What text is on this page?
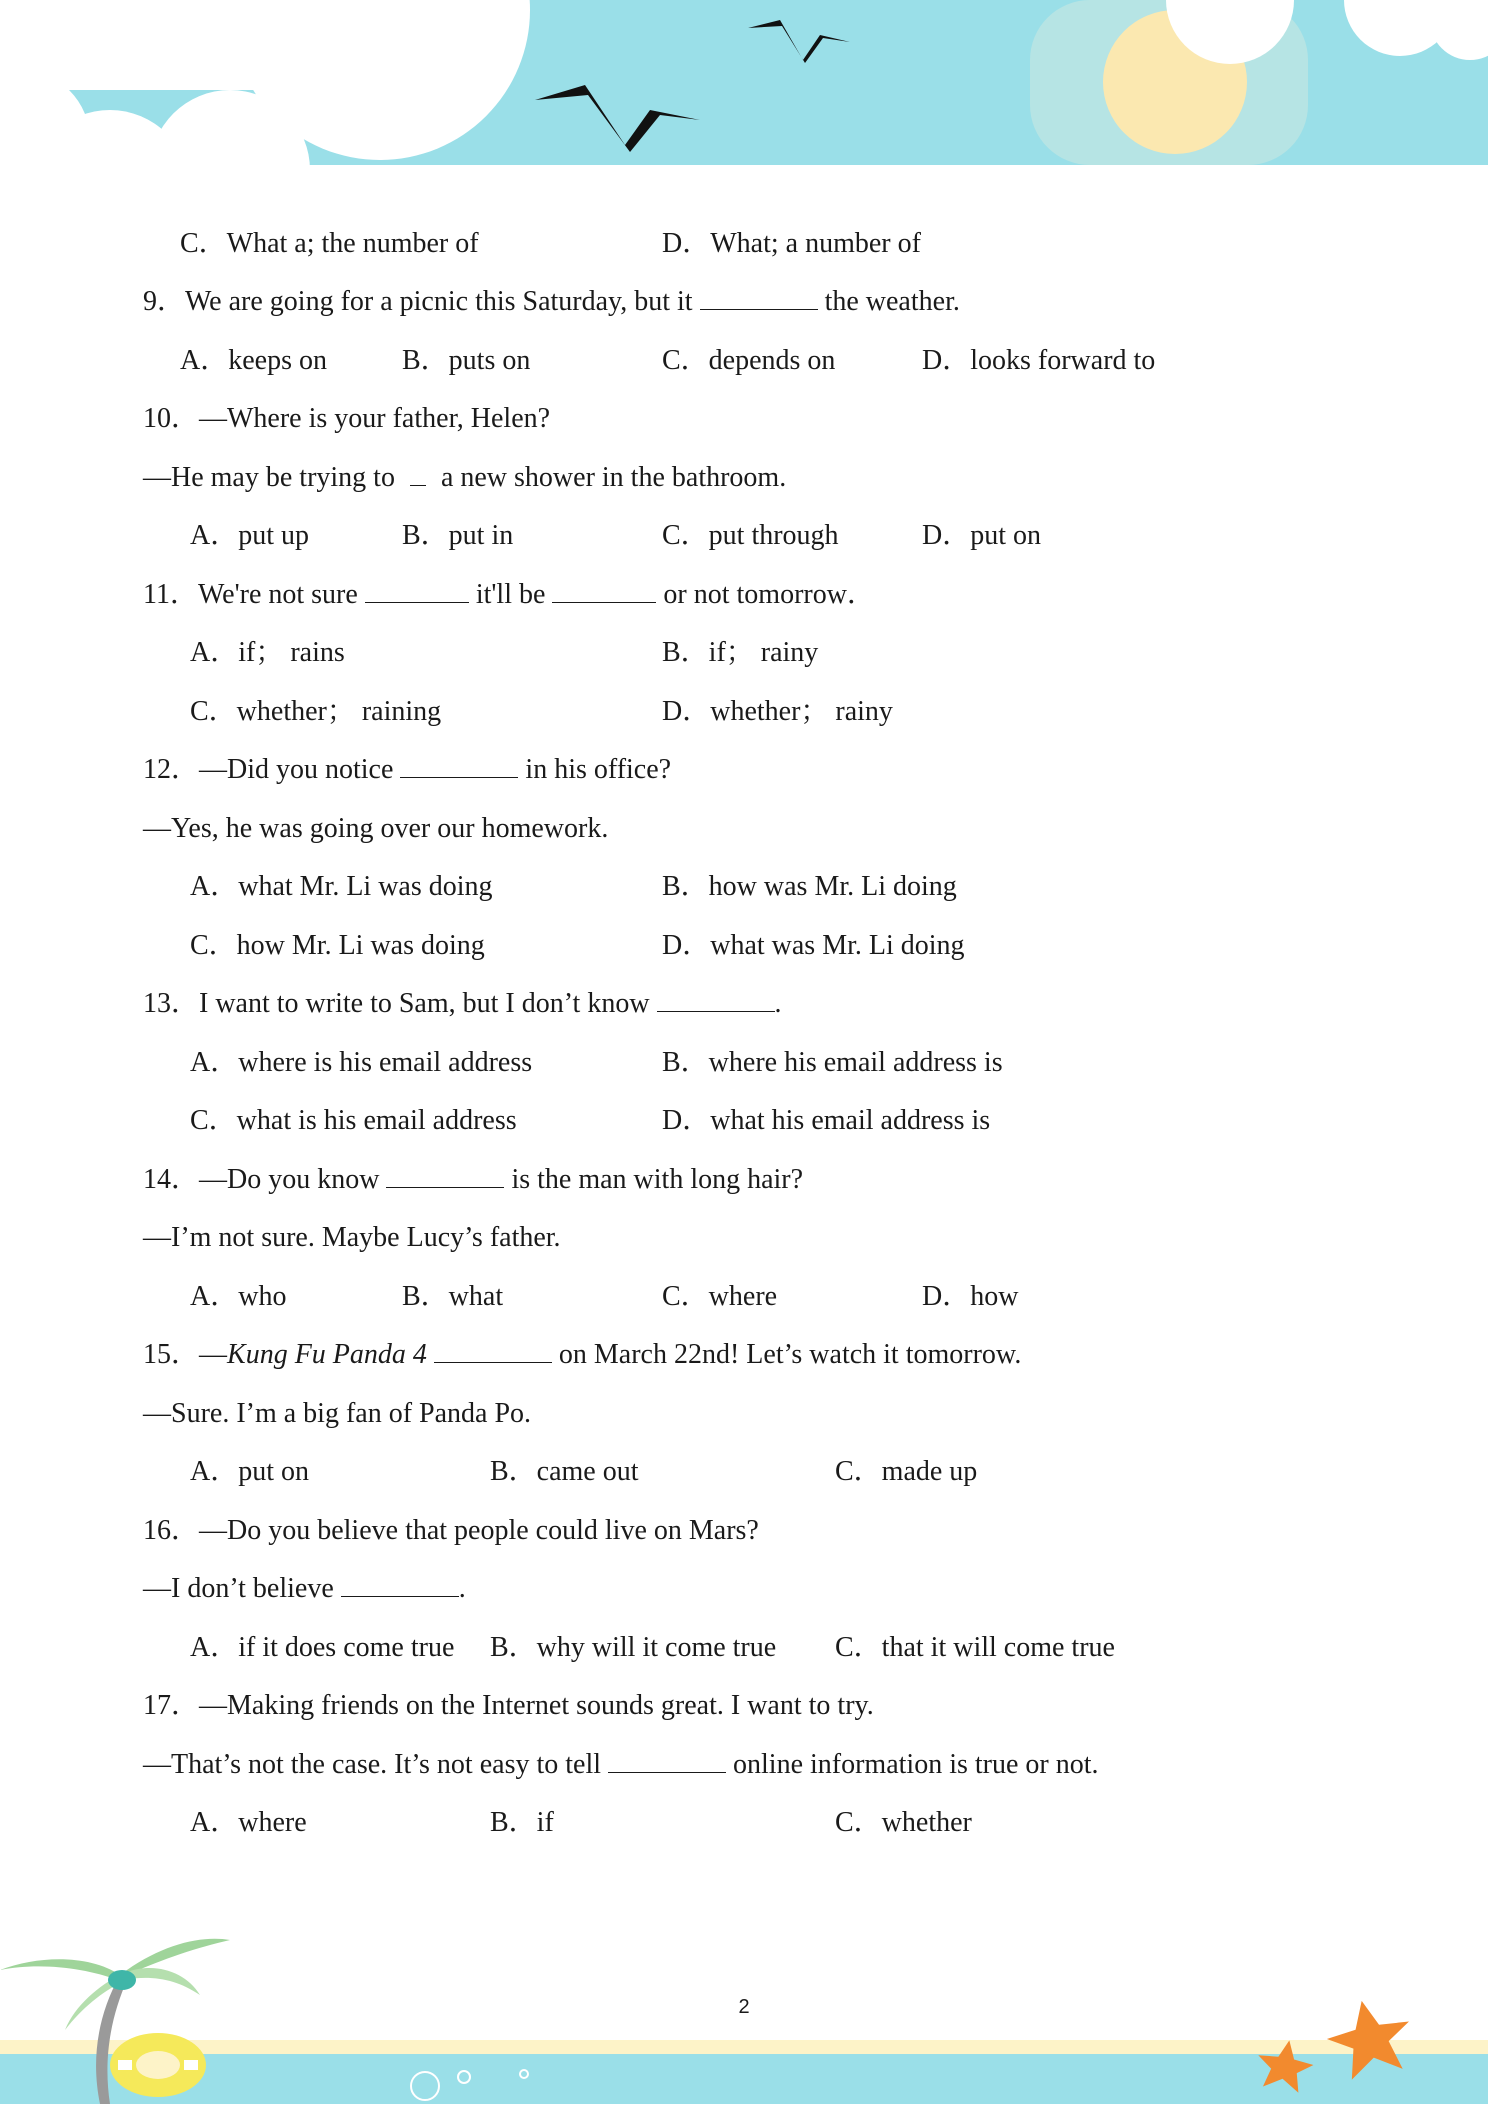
C．What a; the number of	D．What; a number of
9．We are going for a picnic this Saturday, but it	the weather.
A．keeps on	B．puts on	C．depends on	D．looks forward to
10．—Where is your father, Helen?
—He may be trying to a new shower in the bathroom.
A．put up	B．put in	C．put through	D．put on
11．We're not sure	it'll be	or not tomorrow．
A．if； rains	B．if； rainy
C．whether； raining	D．whether； rainy
12．—Did you notice	in his office?
—Yes, he was going over our homework.
A．what Mr. Li was doing	B．how was Mr. Li doing
C．how Mr. Li was doing	D．what was Mr. Li doing
13．I want to write to Sam, but I don’t know	.
A．where is his email address	B．where his email address is
C．what is his email address	D．what his email address is
14．—Do you know	is the man with long hair?
—I’m not sure. Maybe Lucy’s father.
A．who	B．what	C．where	D．how
15．—Kung Fu Panda 4	on March 22nd! Let’s watch it tomorrow.
—Sure. I’m a big fan of Panda Po.
A．put on	B．came out	C．made up
16．—Do you believe that people could live on Mars?
—I don’t believe	.
A．if it does come true B．why will it come true C．that it will come true
17．—Making friends on the Internet sounds great. I want to try.
—That’s not the case. It’s not easy to tell	online information is true or not.
A．where	B．if	C．whether
2
